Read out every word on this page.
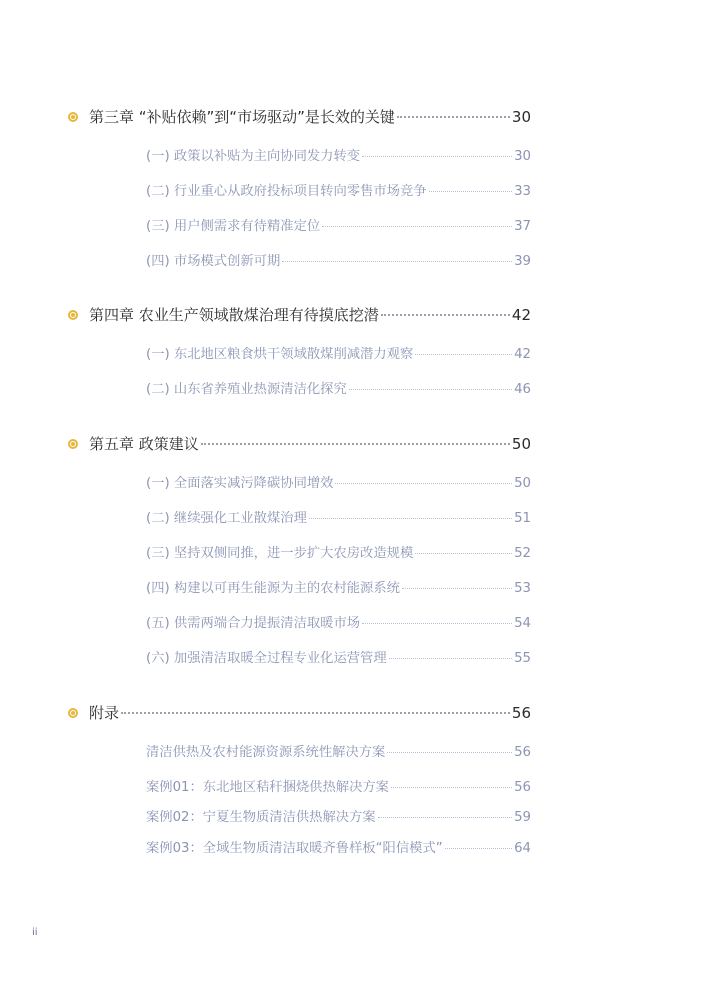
第三章 “补贴依赖”到“市场驱动”是长效的关键	30
(一) 政策以补贴为主向协同发力转变	30
(二) 行业重心从政府投标项目转向零售市场竞争	33
(三) 用户侧需求有待精准定位	37
(四) 市场模式创新可期	39
第四章 农业生产领域散煤治理有待摸底挖潜	42
(一) 东北地区粮食烘干领域散煤削减潜力观察	42
(二) 山东省养殖业热源清洁化探究	46
第五章 政策建议	50
(一) 全面落实减污降碳协同增效	50
(二) 继续强化工业散煤治理	51
(三) 坚持双侧同推，进一步扩大农房改造规模	52
(四) 构建以可再生能源为主的农村能源系统	53
(五) 供需两端合力提振清洁取暖市场	54
(六) 加强清洁取暖全过程专业化运营管理	55
附录	56
清洁供热及农村能源资源系统性解决方案	56
案例01：东北地区秸秆捆烧供热解决方案	56
案例02：宁夏生物质清洁供热解决方案	59
案例03：全域生物质清洁取暖齐鲁样板“阳信模式”	64
ii
